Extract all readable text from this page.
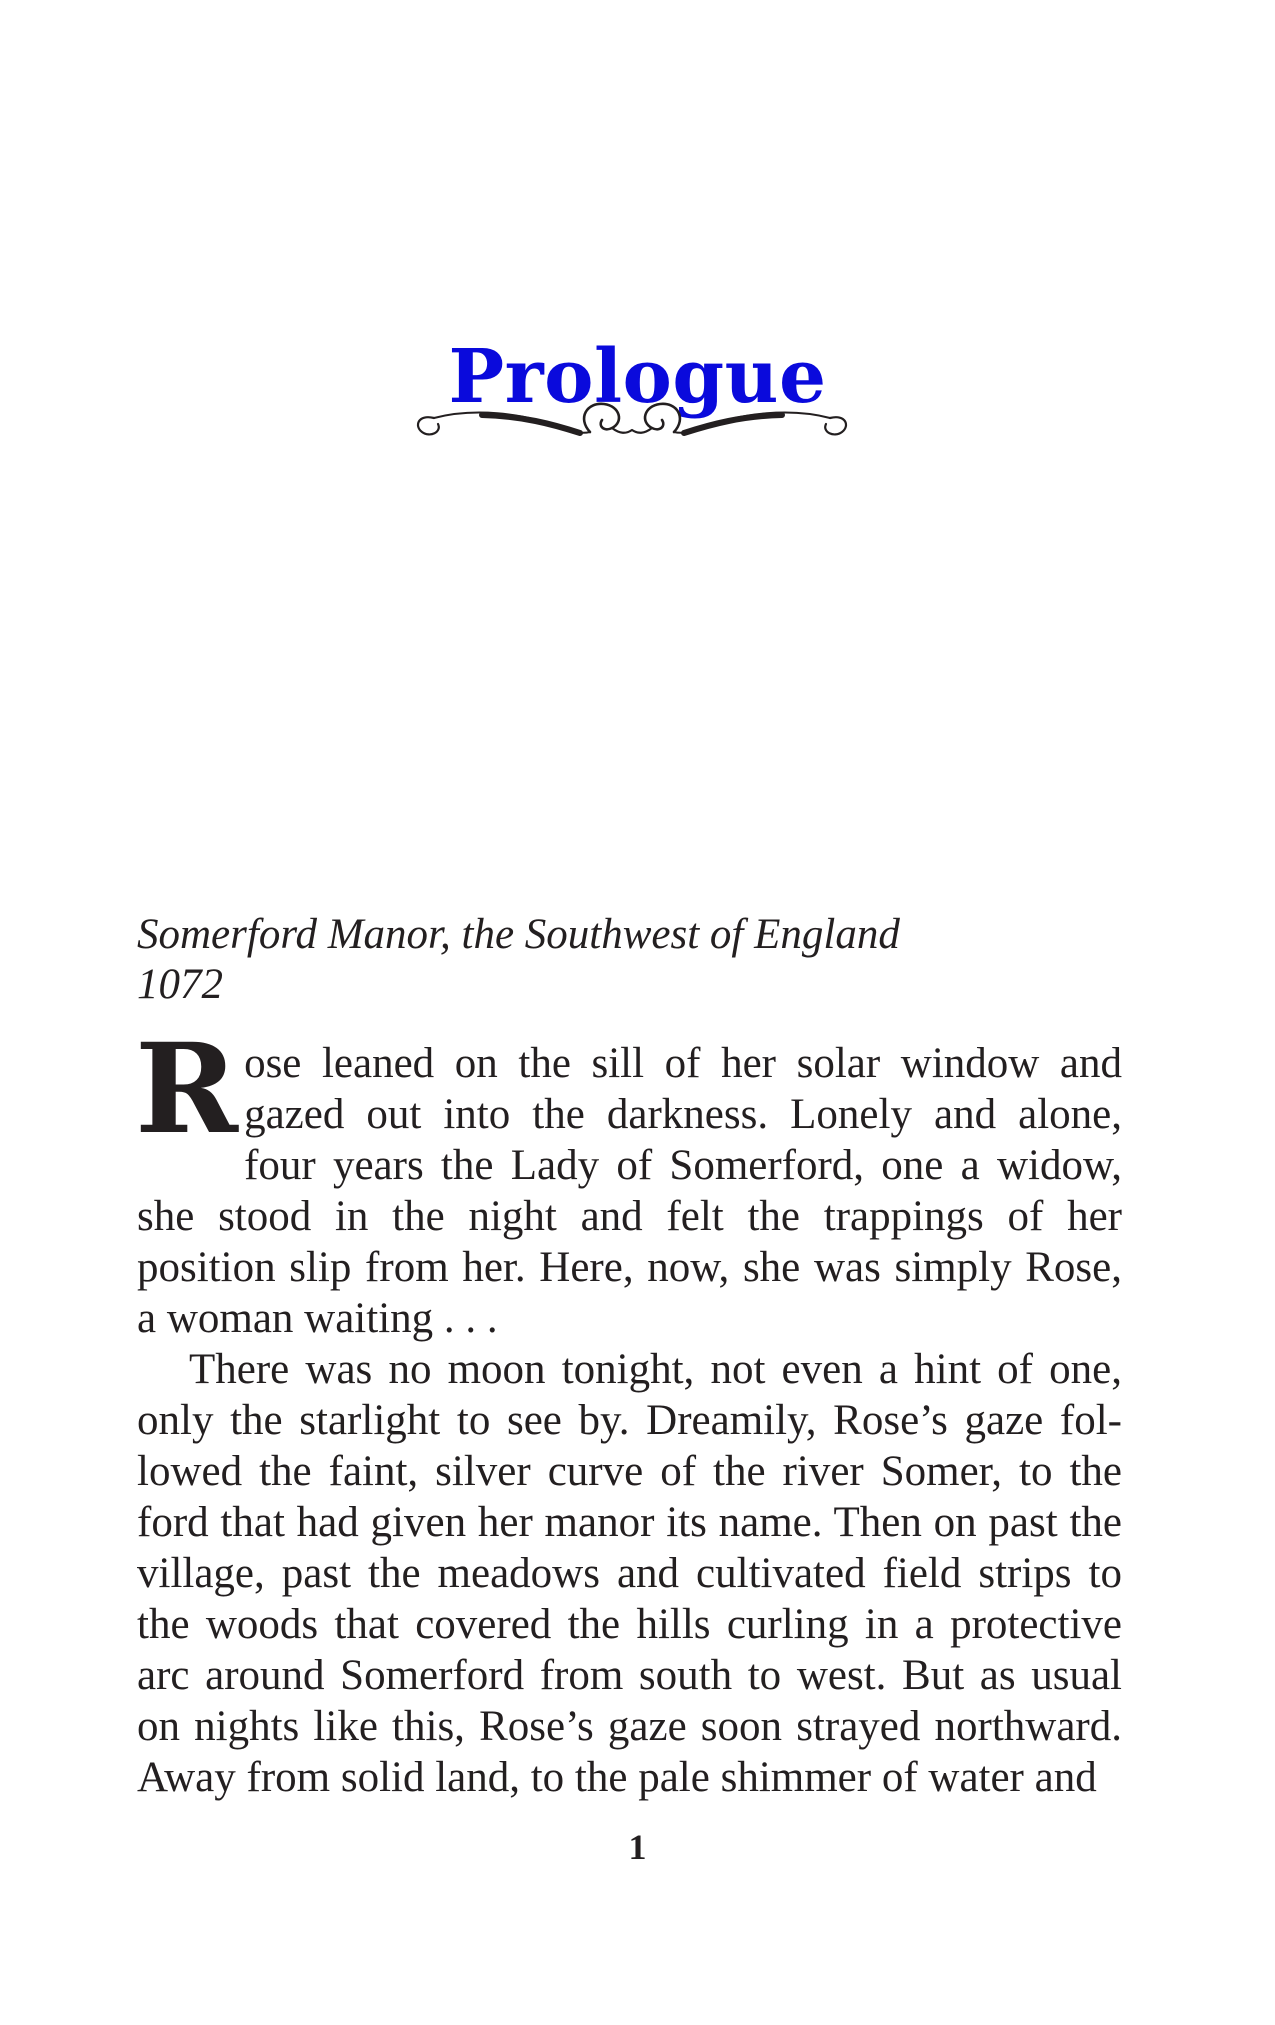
Prologue
Somerford Manor, the Southwest of England
1072

Rose leaned on the sill of her solar window and gazed out into the darkness. Lonely and alone, four years the Lady of Somerford, one a widow, she stood in the night and felt the trappings of her position slip from her. Here, now, she was simply Rose, a woman waiting . . .

There was no moon tonight, not even a hint of one, only the starlight to see by. Dreamily, Rose’s gaze followed the faint, silver curve of the river Somer, to the ford that had given her manor its name. Then on past the village, past the meadows and cultivated field strips to the woods that covered the hills curling in a protective arc around Somerford from south to west. But as usual on nights like this, Rose’s gaze soon strayed northward. Away from solid land, to the pale shimmer of water and

1
